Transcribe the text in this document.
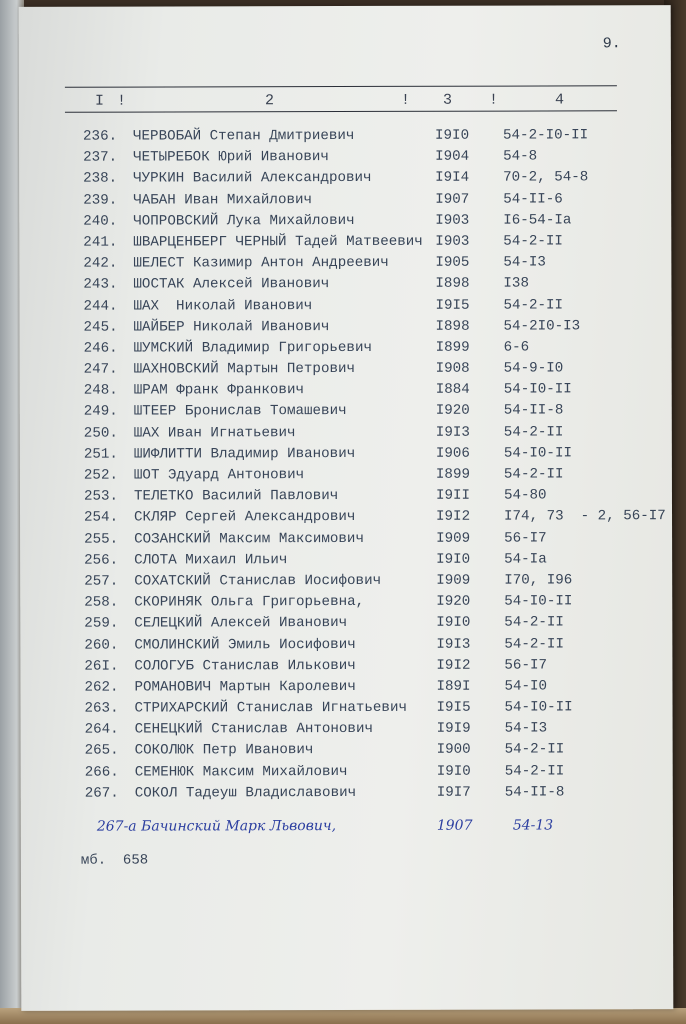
9.
I !	2	! 3 !	4
236. ЧЕРВОБАЙ Степан Дмитриевич	I9I0 54-2-I0-II
237. ЧЕТЫРЕБОК Юрий Иванович	I904 54-8
238. ЧУРКИН Василий Александрович	I9I4 70-2, 54-8
239. ЧАБАН Иван Михайлович	I907 54-II-6
240. ЧОПРОВСКИЙ Лука Михайлович	I903 I6-54-Ia
241. ШВАРЦЕНБЕРГ ЧЕРНЫЙ Тадей Матвеевич I903 54-2-II
242. ШЕЛЕСТ Казимир Антон Андреевич	I905 54-I3
243. ШОСТАК Алексей Иванович	I898 I38
244. ШАХ  Николай Иванович	I9I5 54-2-II
245. ШАЙБЕР Николай Иванович	I898 54-2I0-I3
246. ШУМСКИЙ Владимир Григорьевич	I899 6-6
247. ШАХНОВСКИЙ Мартын Петрович	I908 54-9-I0
248. ШРАМ Франк Франкович	I884 54-I0-II
249. ШТЕЕР Бронислав Томашевич	I920 54-II-8
250. ШАХ Иван Игнатьевич	I9I3 54-2-II
251. ШИФЛИТТИ Владимир Иванович	I906 54-I0-II
252. ШОТ Эдуард Антонович	I899 54-2-II
253. ТЕЛЕТКО Василий Павлович	I9II 54-80
254. СКЛЯР Сергей Александрович	I9I2 I74, 73  - 2, 56-I7
255. СОЗАНСКИЙ Максим Максимович	I909 56-I7
256. СЛОТА Михаил Ильич	I9I0 54-Ia
257. СОХАТСКИЙ Станислав Иосифович	I909 I70, I96
258. СКОРИНЯК Ольга Григорьевна,	I920 54-I0-II
259. СЕЛЕЦКИЙ Алексей Иванович	I9I0 54-2-II
260. СМОЛИНСКИЙ Эмиль Иосифович	I9I3 54-2-II
26I. СОЛОГУБ Станислав Илькович	I9I2 56-I7
262. РОМАНОВИЧ Мартын Каролевич	I89I 54-I0
263. СТРИХАРСКИЙ Станислав Игнатьевич I9I5 54-I0-II
264. СЕНЕЦКИЙ Станислав Антонович	I9I9 54-I3
265. СОКОЛЮК Петр Иванович	I900 54-2-II
266. СЕМЕНЮК Максим Михайлович	I9I0 54-2-II
267. СОКОЛ Тадеуш Владиславович	I9I7 54-II-8
267-а Бачинский Марк Львович,	1907	54-13
мб.  658
